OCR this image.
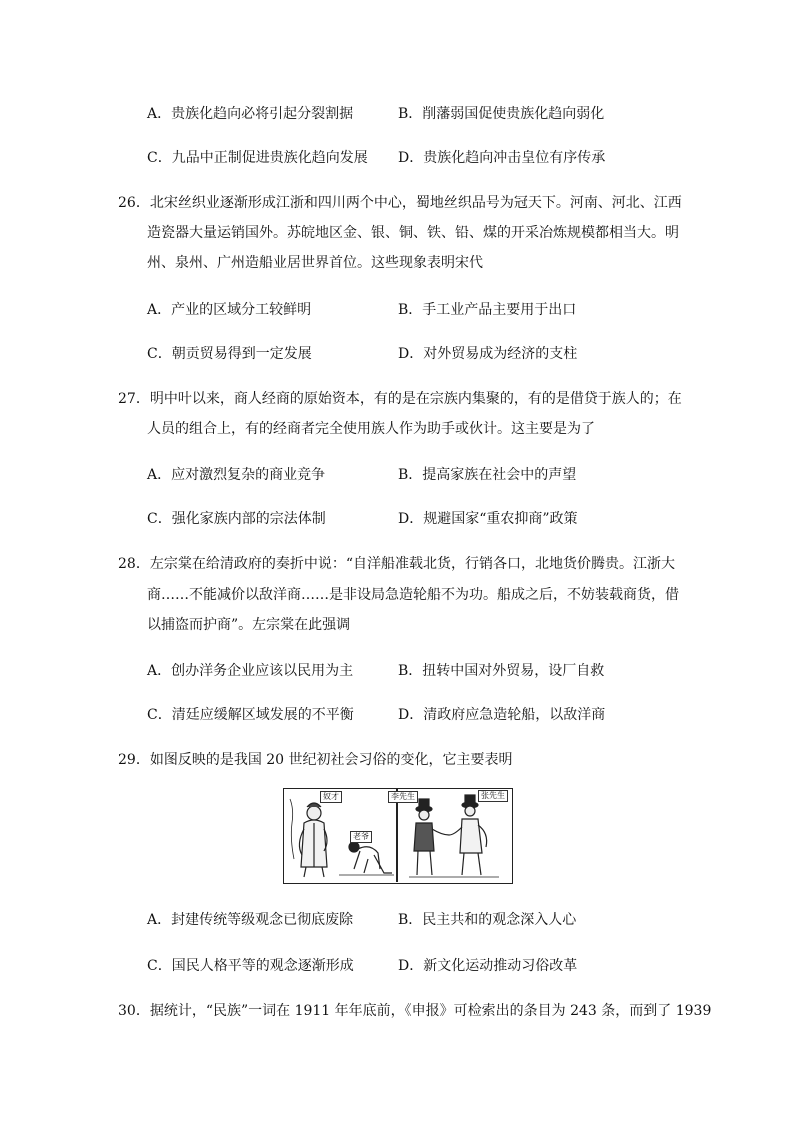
A．贵族化趋向必将引起分裂割据	B．削藩弱国促使贵族化趋向弱化
C．九品中正制促进贵族化趋向发展 D．贵族化趋向冲击皇位有序传承
26．北宋丝织业逐渐形成江浙和四川两个中心，蜀地丝织品号为冠天下。河南、河北、江西
造瓷器大量运销国外。苏皖地区金、银、铜、铁、铅、煤的开采冶炼规模都相当大。明
州、泉州、广州造船业居世界首位。这些现象表明宋代
A．产业的区域分工较鲜明	B．手工业产品主要用于出口
C．朝贡贸易得到一定发展	D．对外贸易成为经济的支柱
27．明中叶以来，商人经商的原始资本，有的是在宗族内集聚的，有的是借贷于族人的；在
人员的组合上，有的经商者完全使用族人作为助手或伙计。这主要是为了
A．应对激烈复杂的商业竞争	B．提高家族在社会中的声望
C．强化家族内部的宗法体制	D．规避国家“重农抑商”政策
28．左宗棠在给清政府的奏折中说：“自洋船准载北货，行销各口，北地货价腾贵。江浙大
商……不能减价以敌洋商……是非设局急造轮船不为功。船成之后，不妨装载商货，借
以捕盗而护商”。左宗棠在此强调
A．创办洋务企业应该以民用为主	B．扭转中国对外贸易，设厂自救
C．清廷应缓解区域发展的不平衡	D．清政府应急造轮船，以敌洋商
29．如图反映的是我国 20 世纪初社会习俗的变化，它主要表明
奴才
老爷
李先生	张先生
A．封建传统等级观念已彻底废除	B．民主共和的观念深入人心
C．国民人格平等的观念逐渐形成	D．新文化运动推动习俗改革
30．据统计，“民族”一词在 1911 年年底前，《申报》可检索出的条目为 243 条，而到了 1939
